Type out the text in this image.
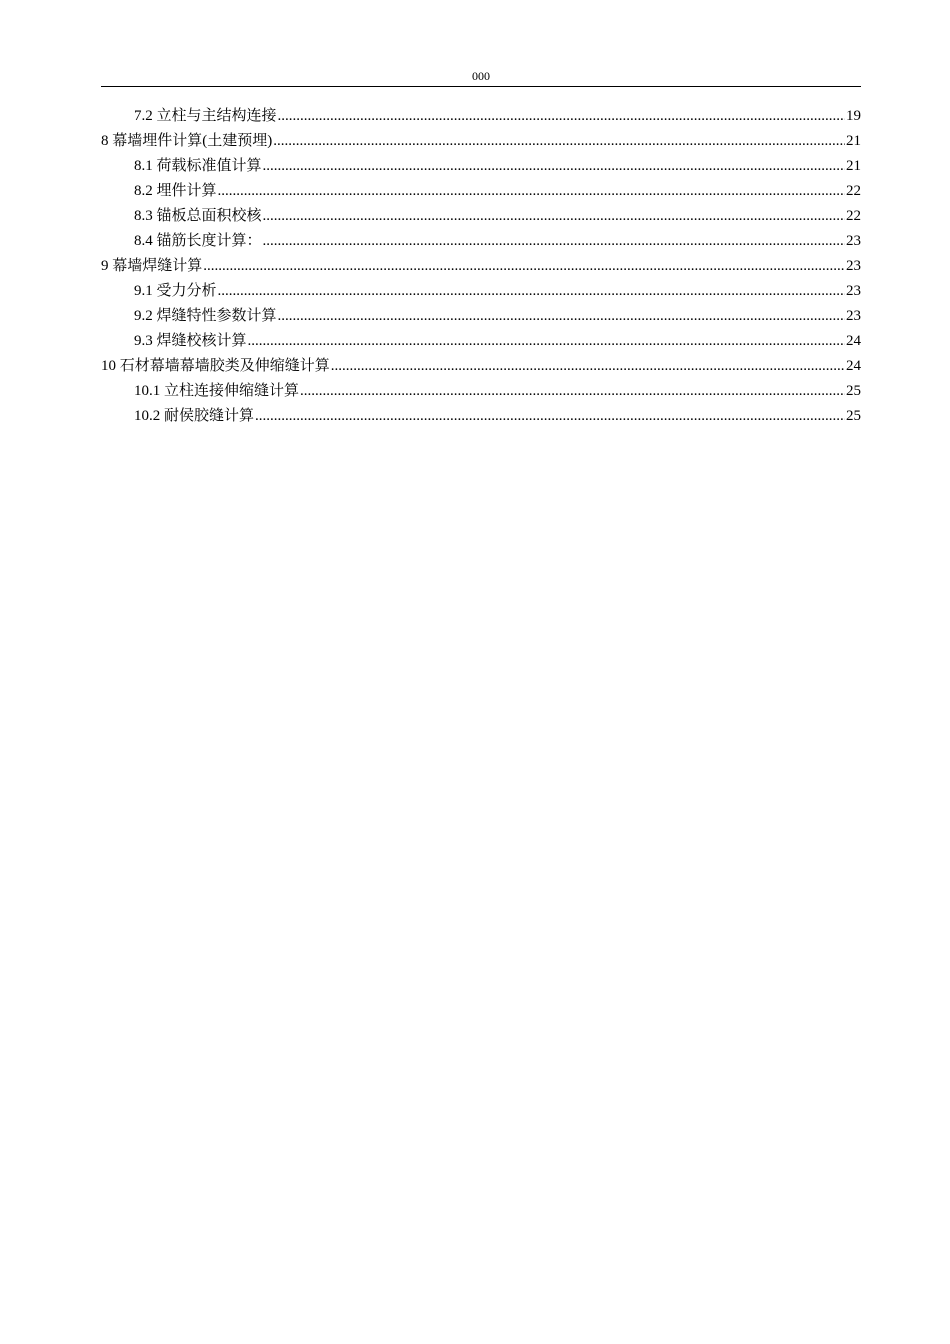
000
7.2 立柱与主结构连接 .....	19
8 幕墙埋件计算(土建预埋) .....	21
8.1 荷载标准值计算 .....	21
8.2 埋件计算 .....	22
8.3 锚板总面积校核 .....	22
8.4 锚筋长度计算： .....	23
9 幕墙焊缝计算 .....	23
9.1 受力分析 .....	23
9.2 焊缝特性参数计算 .....	23
9.3 焊缝校核计算 .....	24
10 石材幕墙幕墙胶类及伸缩缝计算 .....	24
10.1 立柱连接伸缩缝计算 .....	25
10.2 耐侯胶缝计算 .....	25
